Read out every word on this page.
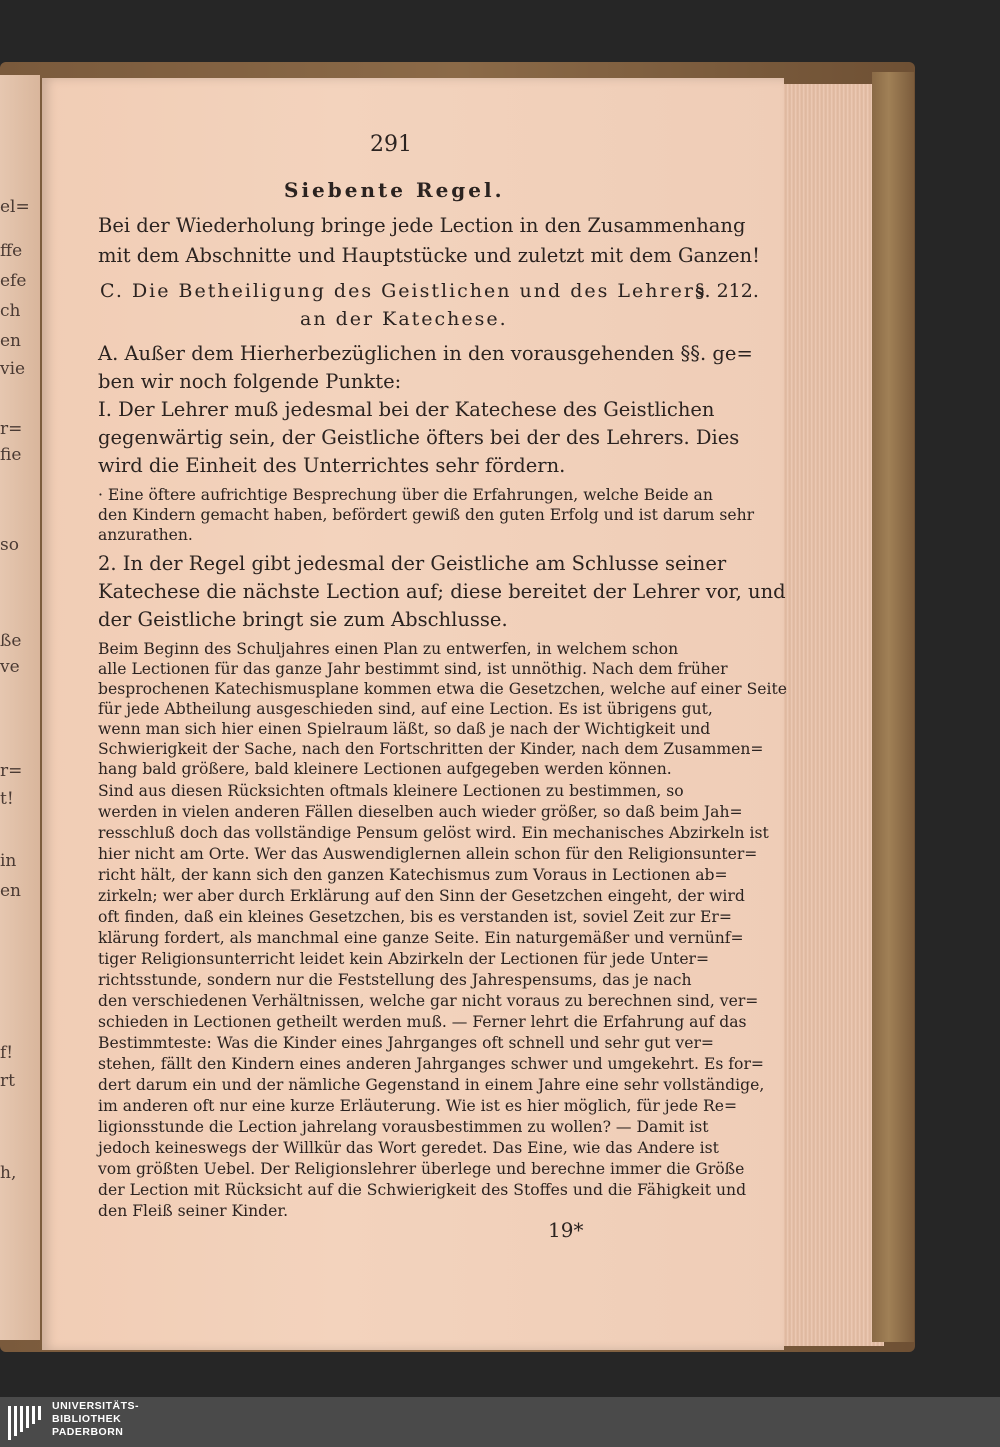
el=
ffe
efe
ch
en
vie
r=
fie
so
ße
ve
r=
t!
in
en
f!
rt
h,
291
Siebente Regel.
Bei der Wiederholung bringe jede Lection in den Zusammenhang
mit dem Abschnitte und Hauptstücke und zuletzt mit dem Ganzen!
C. Die Betheiligung des Geistlichen und des Lehrers
§. 212.
an der Katechese.
A. Außer dem Hierherbezüglichen in den vorausgehenden §§. ge=
ben wir noch folgende Punkte:
I. Der Lehrer muß jedesmal bei der Katechese des Geistlichen
gegenwärtig sein, der Geistliche öfters bei der des Lehrers. Dies
wird die Einheit des Unterrichtes sehr fördern.
· Eine öftere aufrichtige Besprechung über die Erfahrungen, welche Beide an
den Kindern gemacht haben, befördert gewiß den guten Erfolg und ist darum sehr
anzurathen.
2. In der Regel gibt jedesmal der Geistliche am Schlusse seiner
Katechese die nächste Lection auf; diese bereitet der Lehrer vor, und
der Geistliche bringt sie zum Abschlusse.
Beim Beginn des Schuljahres einen Plan zu entwerfen, in welchem schon
alle Lectionen für das ganze Jahr bestimmt sind, ist unnöthig. Nach dem früher
besprochenen Katechismusplane kommen etwa die Gesetzchen, welche auf einer Seite
für jede Abtheilung ausgeschieden sind, auf eine Lection. Es ist übrigens gut,
wenn man sich hier einen Spielraum läßt, so daß je nach der Wichtigkeit und
Schwierigkeit der Sache, nach den Fortschritten der Kinder, nach dem Zusammen=
hang bald größere, bald kleinere Lectionen aufgegeben werden können.
Sind aus diesen Rücksichten oftmals kleinere Lectionen zu bestimmen, so
werden in vielen anderen Fällen dieselben auch wieder größer, so daß beim Jah=
resschluß doch das vollständige Pensum gelöst wird. Ein mechanisches Abzirkeln ist
hier nicht am Orte. Wer das Auswendiglernen allein schon für den Religionsunter=
richt hält, der kann sich den ganzen Katechismus zum Voraus in Lectionen ab=
zirkeln; wer aber durch Erklärung auf den Sinn der Gesetzchen eingeht, der wird
oft finden, daß ein kleines Gesetzchen, bis es verstanden ist, soviel Zeit zur Er=
klärung fordert, als manchmal eine ganze Seite. Ein naturgemäßer und vernünf=
tiger Religionsunterricht leidet kein Abzirkeln der Lectionen für jede Unter=
richtsstunde, sondern nur die Feststellung des Jahrespensums, das je nach
den verschiedenen Verhältnissen, welche gar nicht voraus zu berechnen sind, ver=
schieden in Lectionen getheilt werden muß. — Ferner lehrt die Erfahrung auf das
Bestimmteste: Was die Kinder eines Jahrganges oft schnell und sehr gut ver=
stehen, fällt den Kindern eines anderen Jahrganges schwer und umgekehrt. Es for=
dert darum ein und der nämliche Gegenstand in einem Jahre eine sehr vollständige,
im anderen oft nur eine kurze Erläuterung. Wie ist es hier möglich, für jede Re=
ligionsstunde die Lection jahrelang vorausbestimmen zu wollen? — Damit ist
jedoch keineswegs der Willkür das Wort geredet. Das Eine, wie das Andere ist
vom größten Uebel. Der Religionslehrer überlege und berechne immer die Größe
der Lection mit Rücksicht auf die Schwierigkeit des Stoffes und die Fähigkeit und
den Fleiß seiner Kinder.
19*
UNIVERSITÄTS-
BIBLIOTHEK
PADERBORN
